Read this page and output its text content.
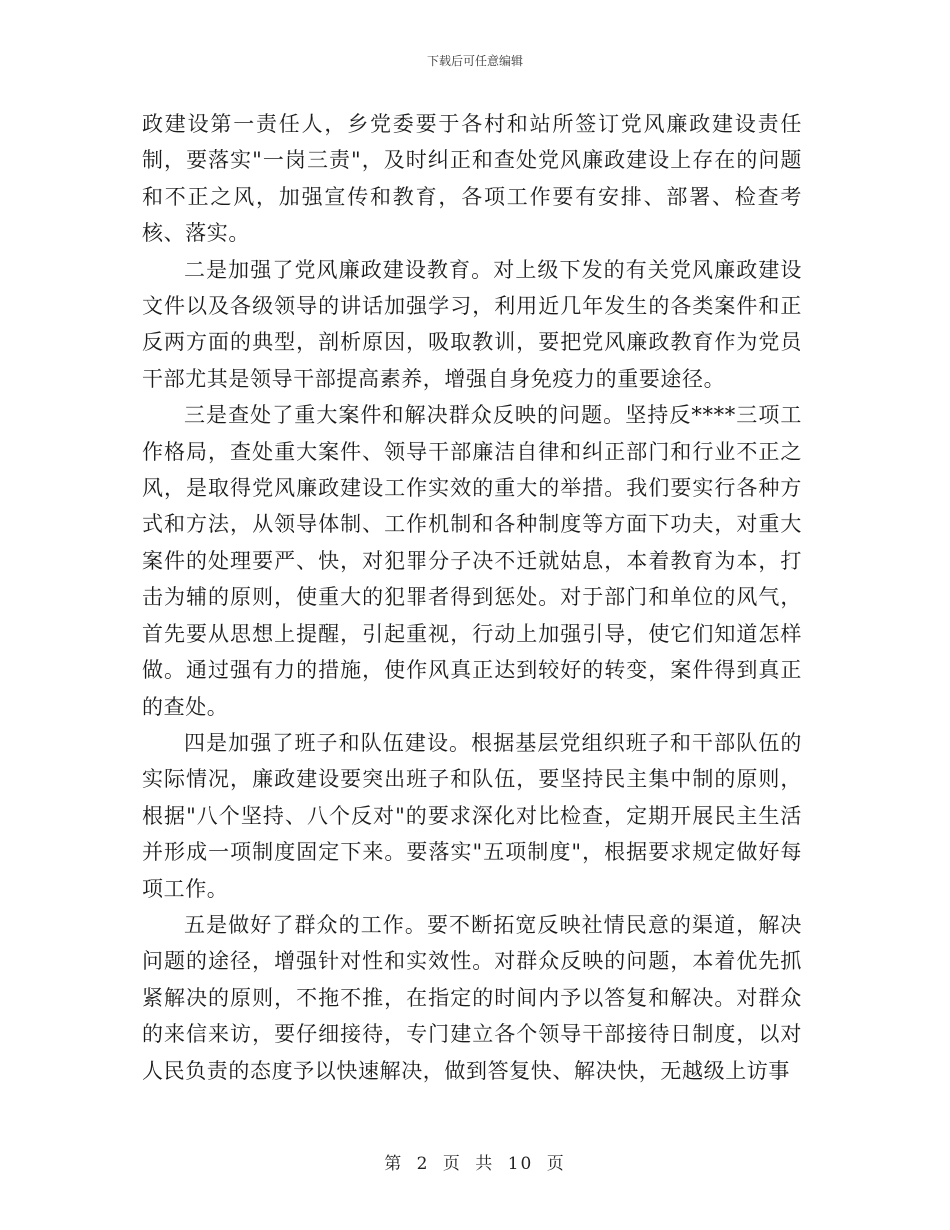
下载后可任意编辑

政建设第一责任人，乡党委要于各村和站所签订党风廉政建设责任制，要落实"一岗三责"，及时纠正和查处党风廉政建设上存在的问题和不正之风，加强宣传和教育，各项工作要有安排、部署、检查考核、落实。

二是加强了党风廉政建设教育。对上级下发的有关党风廉政建设文件以及各级领导的讲话加强学习，利用近几年发生的各类案件和正反两方面的典型，剖析原因，吸取教训，要把党风廉政教育作为党员干部尤其是领导干部提高素养，增强自身免疫力的重要途径。

三是查处了重大案件和解决群众反映的问题。坚持反****三项工作格局，查处重大案件、领导干部廉洁自律和纠正部门和行业不正之风，是取得党风廉政建设工作实效的重大的举措。我们要实行各种方式和方法，从领导体制、工作机制和各种制度等方面下功夫，对重大案件的处理要严、快，对犯罪分子决不迁就姑息，本着教育为本，打击为辅的原则，使重大的犯罪者得到惩处。对于部门和单位的风气，首先要从思想上提醒，引起重视，行动上加强引导，使它们知道怎样做。通过强有力的措施，使作风真正达到较好的转变，案件得到真正的查处。

四是加强了班子和队伍建设。根据基层党组织班子和干部队伍的实际情况，廉政建设要突出班子和队伍，要坚持民主集中制的原则，根据"八个坚持、八个反对"的要求深化对比检查，定期开展民主生活并形成一项制度固定下来。要落实"五项制度"，根据要求规定做好每项工作。

五是做好了群众的工作。要不断拓宽反映社情民意的渠道，解决问题的途径，增强针对性和实效性。对群众反映的问题，本着优先抓紧解决的原则，不拖不推，在指定的时间内予以答复和解决。对群众的来信来访，要仔细接待，专门建立各个领导干部接待日制度，以对人民负责的态度予以快速解决，做到答复快、解决快，无越级上访事

第 2 页 共 10 页
